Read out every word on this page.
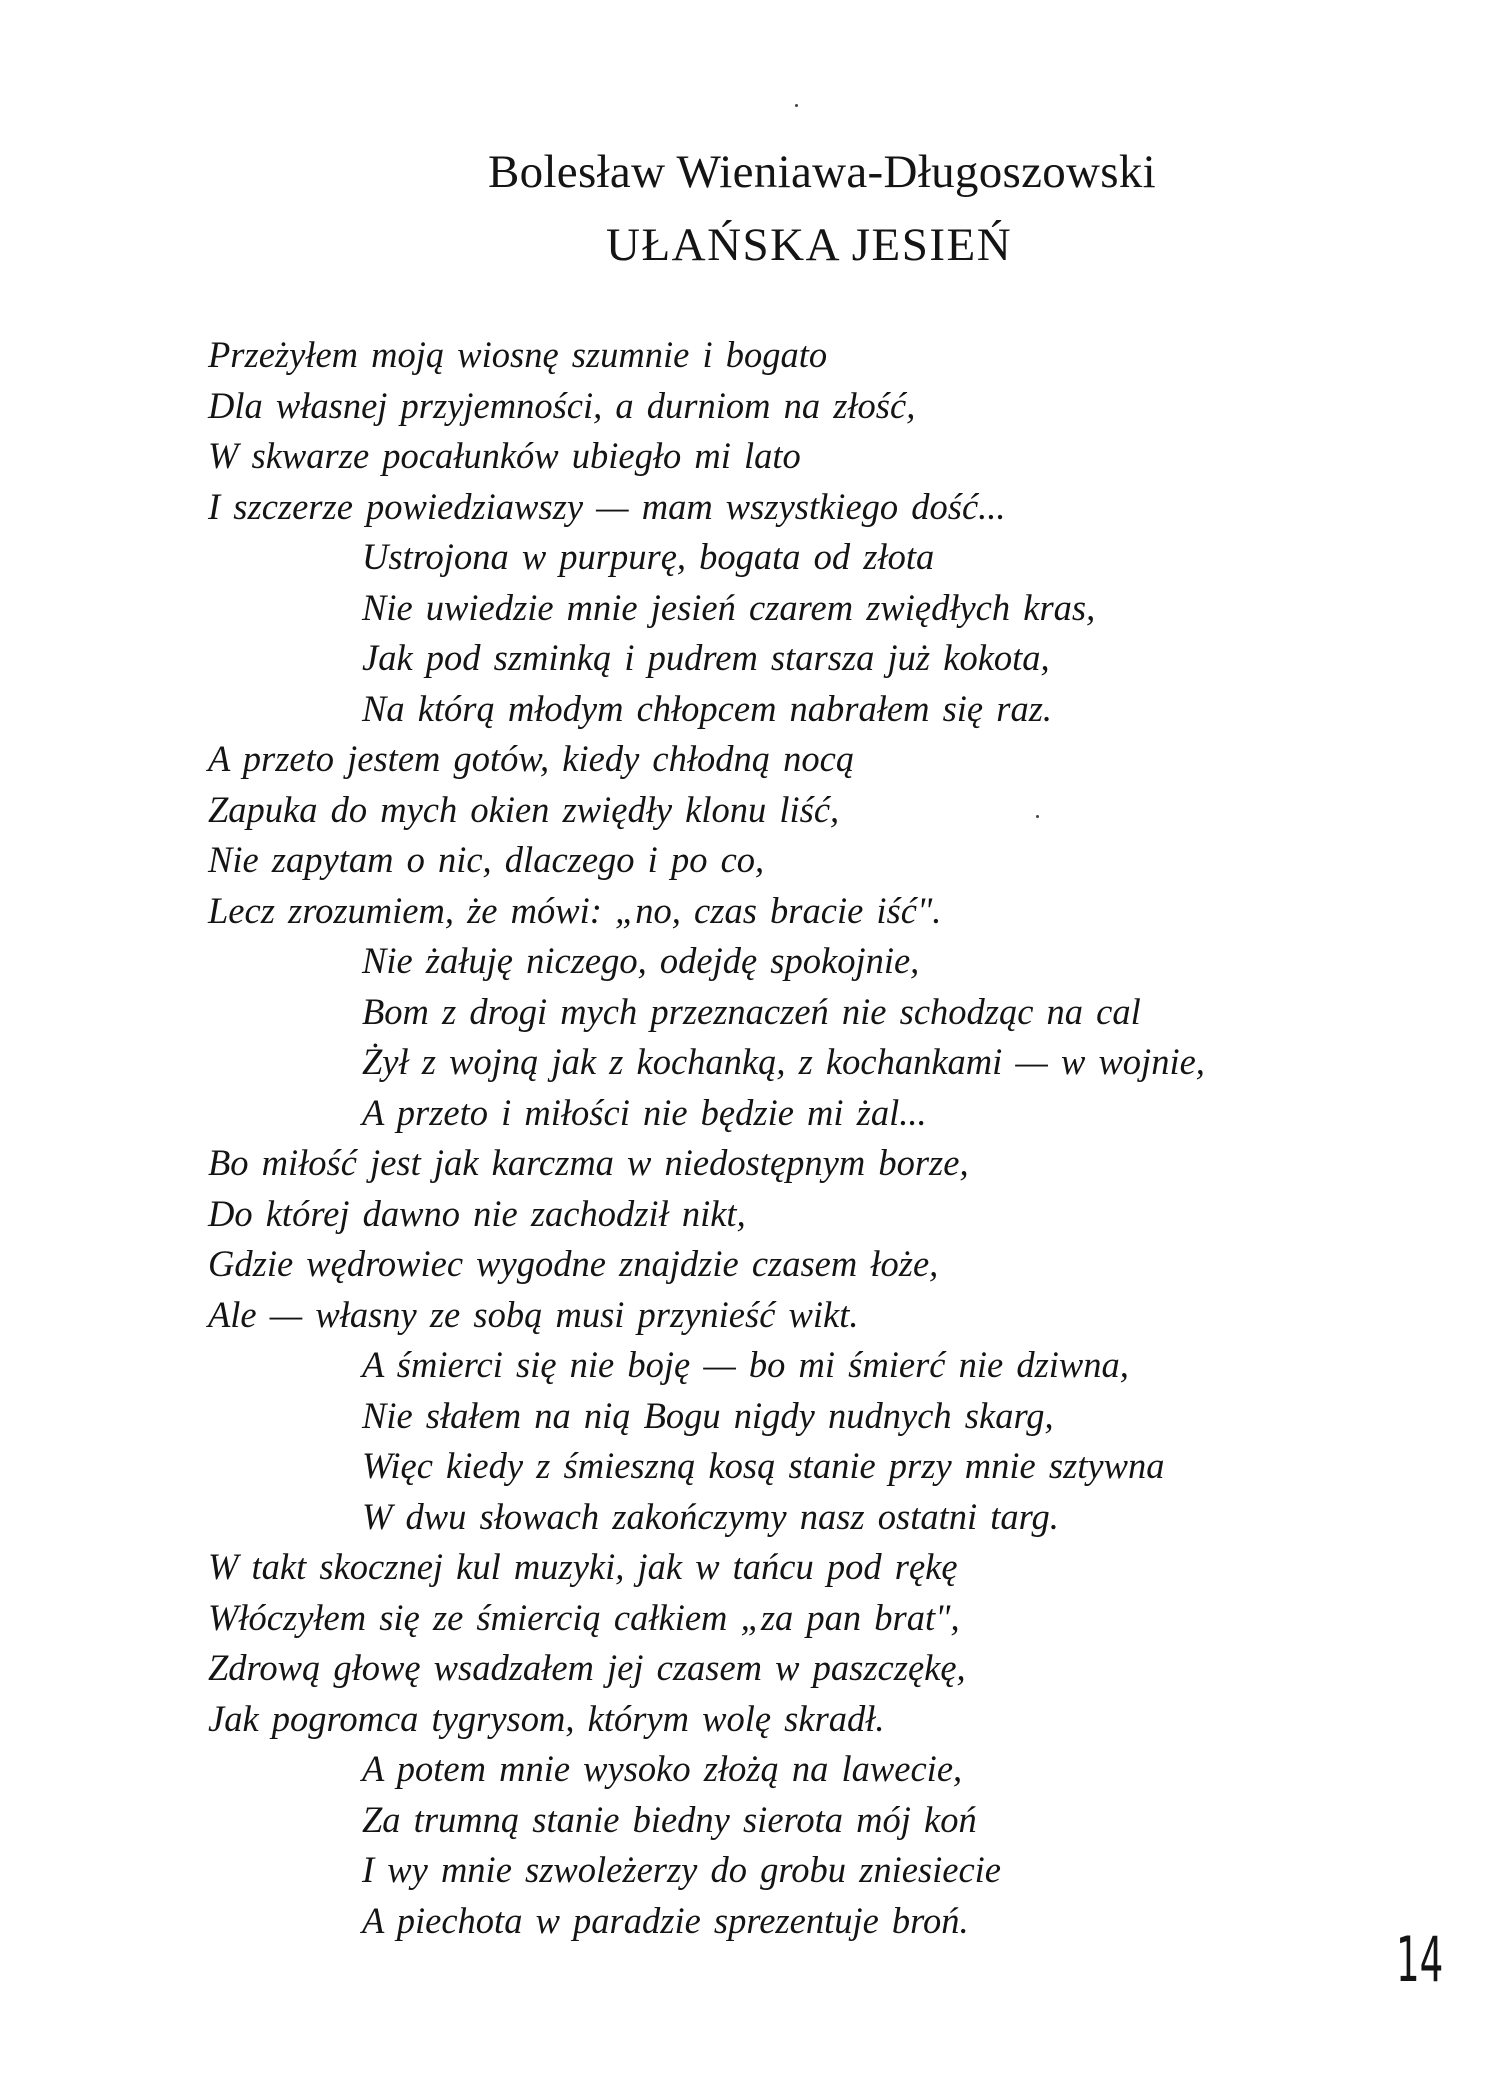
Bolesław Wieniawa-Długoszowski
UŁAŃSKA JESIEŃ
Przeżyłem moją wiosnę szumnie i bogato
Dla własnej przyjemności, a durniom na złość,
W skwarze pocałunków ubiegło mi lato
I szczerze powiedziawszy — mam wszystkiego dość...
Ustrojona w purpurę, bogata od złota
Nie uwiedzie mnie jesień czarem zwiędłych kras,
Jak pod szminką i pudrem starsza już kokota,
Na którą młodym chłopcem nabrałem się raz.
A przeto jestem gotów, kiedy chłodną nocą
Zapuka do mych okien zwiędły klonu liść,
Nie zapytam o nic, dlaczego i po co,
Lecz zrozumiem, że mówi: „no, czas bracie iść".
Nie żałuję niczego, odejdę spokojnie,
Bom z drogi mych przeznaczeń nie schodząc na cal
Żył z wojną jak z kochanką, z kochankami — w wojnie,
A przeto i miłości nie będzie mi żal...
Bo miłość jest jak karczma w niedostępnym borze,
Do której dawno nie zachodził nikt,
Gdzie wędrowiec wygodne znajdzie czasem łoże,
Ale — własny ze sobą musi przynieść wikt.
A śmierci się nie boję — bo mi śmierć nie dziwna,
Nie słałem na nią Bogu nigdy nudnych skarg,
Więc kiedy z śmieszną kosą stanie przy mnie sztywna
W dwu słowach zakończymy nasz ostatni targ.
W takt skocznej kul muzyki, jak w tańcu pod rękę
Włóczyłem się ze śmiercią całkiem „za pan brat",
Zdrową głowę wsadzałem jej czasem w paszczękę,
Jak pogromca tygrysom, którym wolę skradł.
A potem mnie wysoko złożą na lawecie,
Za trumną stanie biedny sierota mój koń
I wy mnie szwoleżerzy do grobu zniesiecie
A piechota w paradzie sprezentuje broń.
14
